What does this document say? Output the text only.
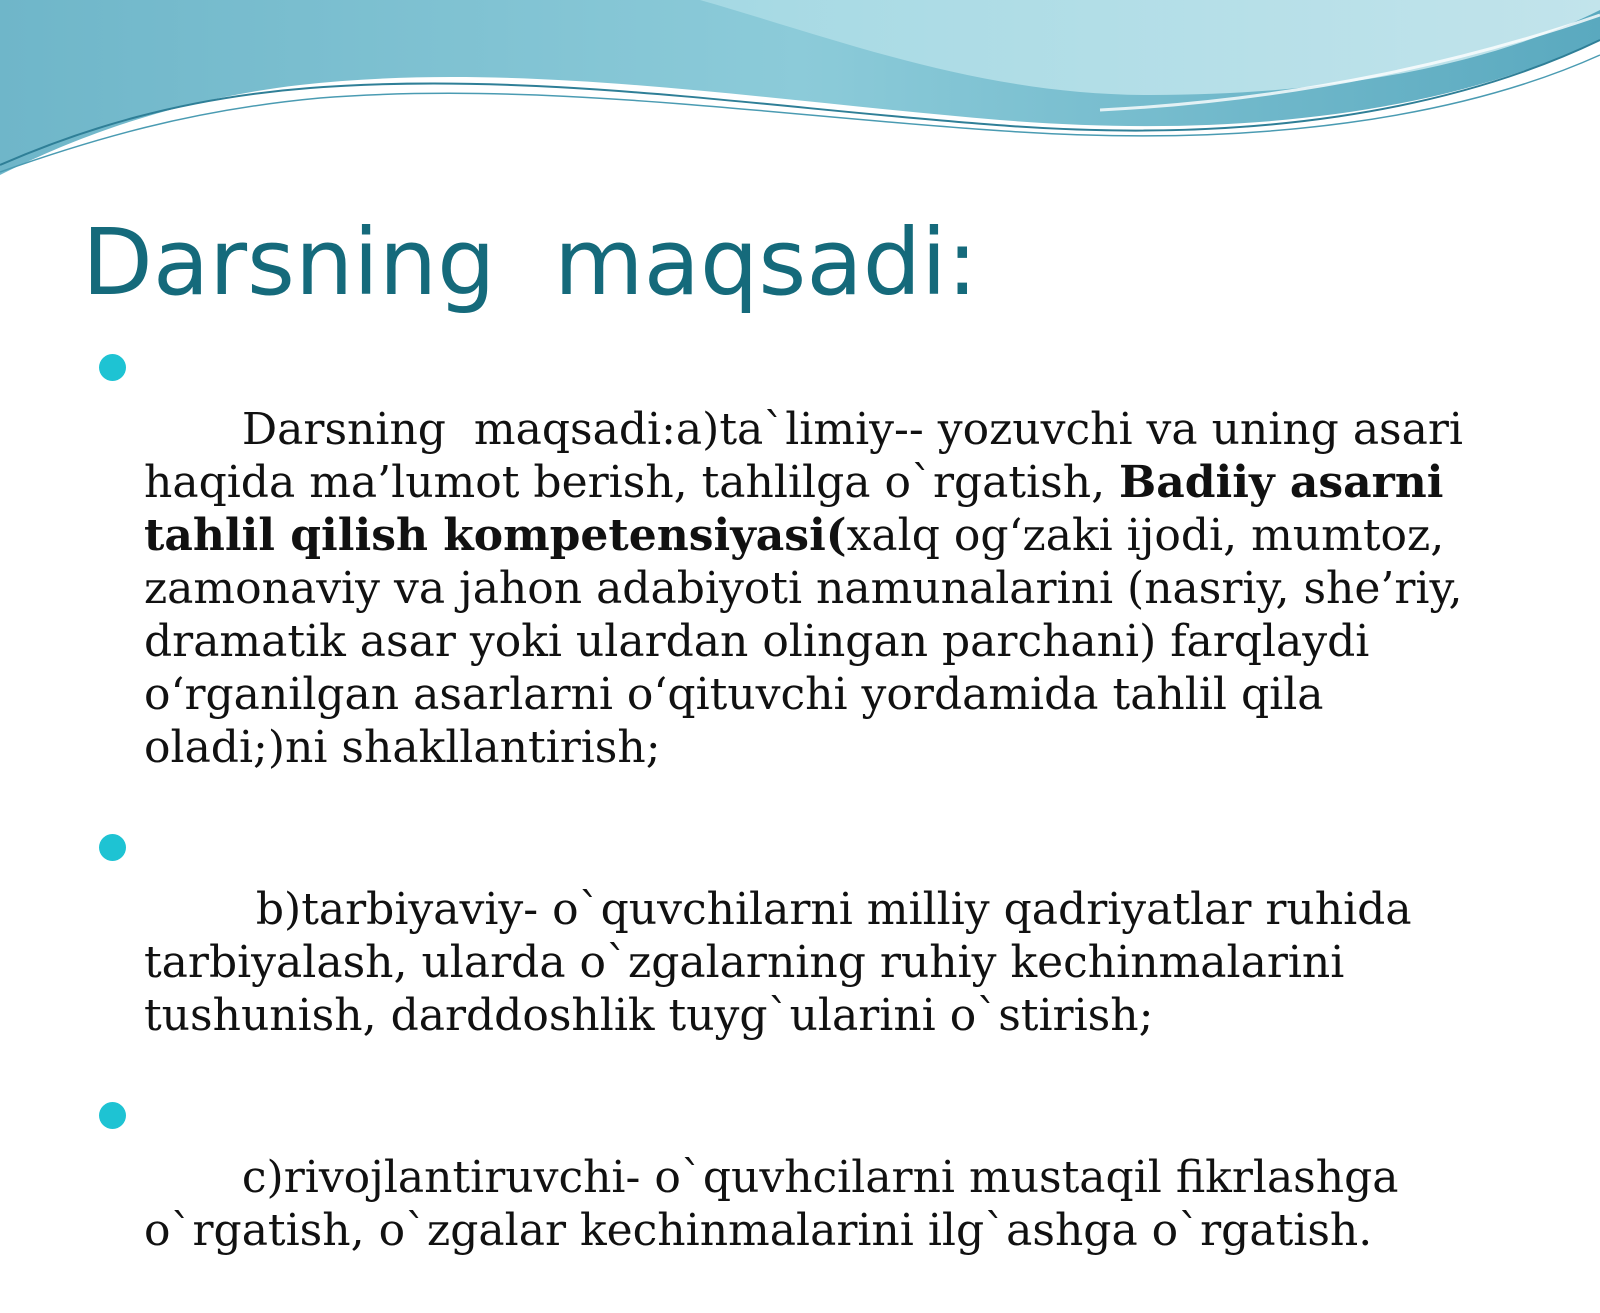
Darsning  maqsadi:

Darsning  maqsadi:a)ta`limiy-- yozuvchi va uning asari haqida ma’lumot berish, tahlilga o`rgatish, Badiiy asarni tahlil qilish kompetensiyasi(xalq og‘zaki ijodi, mumtoz, zamonaviy va jahon adabiyoti namunalarini (nasriy, she’riy, dramatik asar yoki ulardan olingan parchani) farqlaydi o‘rganilgan asarlarni o‘qituvchi yordamida tahlil qila oladi;)ni shakllantirish;

b)tarbiyaviy- o`quvchilarni milliy qadriyatlar ruhida tarbiyalash, ularda o`zgalarning ruhiy kechinmalarini tushunish, darddoshlik tuyg`ularini o`stirish;

c)rivojlantiruvchi- o`quvhcilarni mustaqil fikrlashga o`rgatish, o`zgalar kechinmalarini ilg`ashga o`rgatish.
